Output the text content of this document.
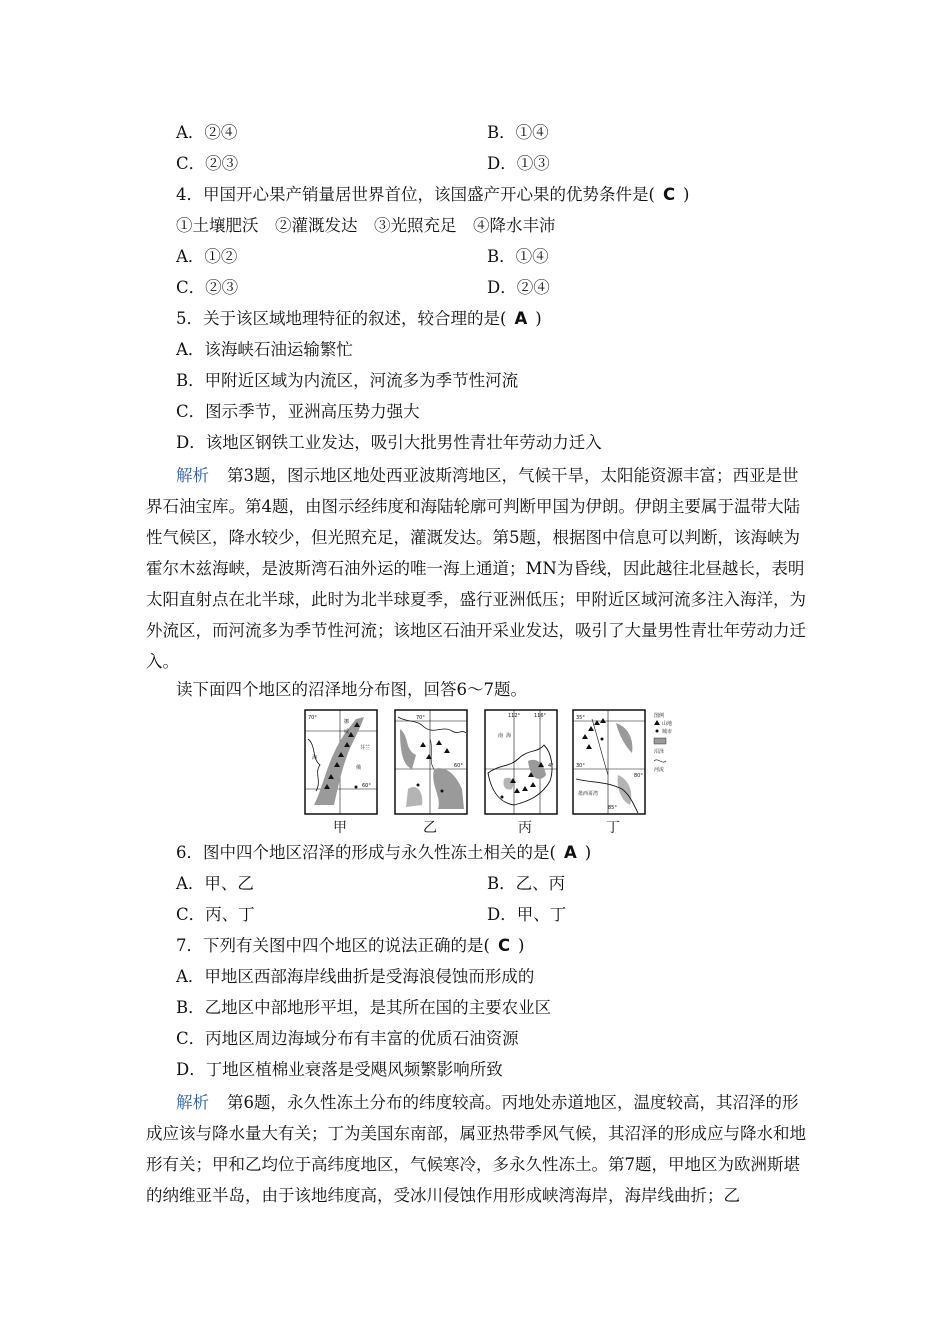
A．②④	B．①④
C．②③	D．①③
4．甲国开心果产销量居世界首位，该国盛产开心果的优势条件是( C )
①土壤肥沃　②灌溉发达　③光照充足　④降水丰沛
A．①②	B．①④
C．②③	D．②④
5．关于该区域地理特征的叙述，较合理的是( A )
A．该海峡石油运输繁忙
B．甲附近区域为内流区，河流多为季节性河流
C．图示季节，亚洲高压势力强大
D．该地区钢铁工业发达，吸引大批男性青壮年劳动力迁入
解析 第3题，图示地区地处西亚波斯湾地区，气候干旱，太阳能资源丰富；西亚是世界石油宝库。第4题，由图示经纬度和海陆轮廓可判断甲国为伊朗。伊朗主要属于温带大陆性气候区，降水较少，但光照充足，灌溉发达。第5题，根据图中信息可以判断，该海峡为霍尔木兹海峡，是波斯湾石油外运的唯一海上通道；MN为昏线，因此越往北昼越长，表明太阳直射点在北半球，此时为北半球夏季，盛行亚洲低压；甲附近区域河流多注入海洋，为外流区，而河流多为季节性河流；该地区石油开采业发达，吸引了大量男性青壮年劳动力迁入。
读下面四个地区的沼泽地分布图，回答6～7题。
70°
挪
威
芬兰
俄
海
60°
70°
60°
112°	116°
南 海
4°
35°
30°
墨西哥湾
85°
80°
图例
山地
城市
沼泽
河流
甲	乙	丙	丁
6．图中四个地区沼泽的形成与永久性冻土相关的是( A )
A．甲、乙	B．乙、丙
C．丙、丁	D．甲、丁
7．下列有关图中四个地区的说法正确的是( C )
A．甲地区西部海岸线曲折是受海浪侵蚀而形成的
B．乙地区中部地形平坦，是其所在国的主要农业区
C．丙地区周边海域分布有丰富的优质石油资源
D．丁地区植棉业衰落是受飓风频繁影响所致
解析 第6题，永久性冻土分布的纬度较高。丙地处赤道地区，温度较高，其沼泽的形成应该与降水量大有关；丁为美国东南部，属亚热带季风气候，其沼泽的形成应与降水和地形有关；甲和乙均位于高纬度地区，气候寒冷，多永久性冻土。第7题，甲地区为欧洲斯堪的纳维亚半岛，由于该地纬度高，受冰川侵蚀作用形成峡湾海岸，海岸线曲折；乙
